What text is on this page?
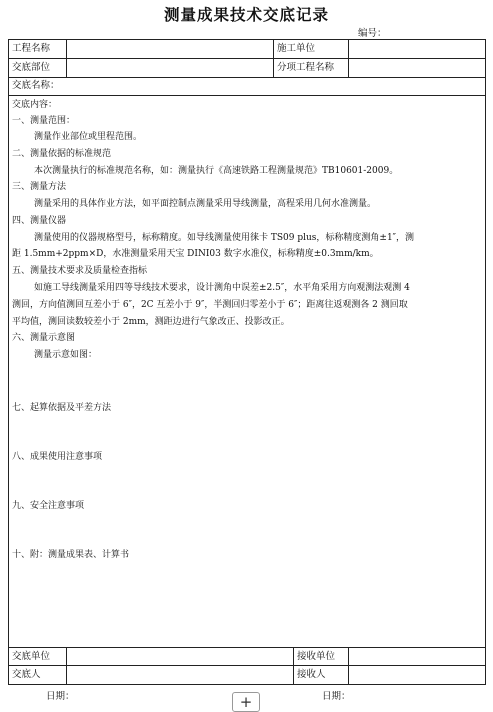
测量成果技术交底记录
编号：
工程名称	施工单位
交底部位	分项工程名称
交底名称：
交底内容：
一、测量范围：
测量作业部位或里程范围。
二、测量依据的标准规范
本次测量执行的标准规范名称，如：测量执行《高速铁路工程测量规范》TB10601-2009。
三、测量方法
测量采用的具体作业方法，如平面控制点测量采用导线测量，高程采用几何水准测量。
四、测量仪器
测量使用的仪器规格型号，标称精度。如导线测量使用徕卡 TS09 plus，标称精度测角±1″，测
距 1.5mm+2ppm×D，水准测量采用天宝 DINI03 数字水准仪，标称精度±0.3mm/km。
五、测量技术要求及质量检查指标
如施工导线测量采用四等导线技术要求，设计测角中误差±2.5″，水平角采用方向观测法观测 4
测回，方向值测回互差小于 6″，2C 互差小于 9″，半测回归零差小于 6″；距离往返观测各 2 测回取
平均值，测回读数较差小于 2mm，测距边进行气象改正、投影改正。
六、测量示意图
测量示意如图：
七、起算依据及平差方法
八、成果使用注意事项
九、安全注意事项
十、附：测量成果表、计算书
交底单位	接收单位
交底人	接收人
日期：	日期：
+
